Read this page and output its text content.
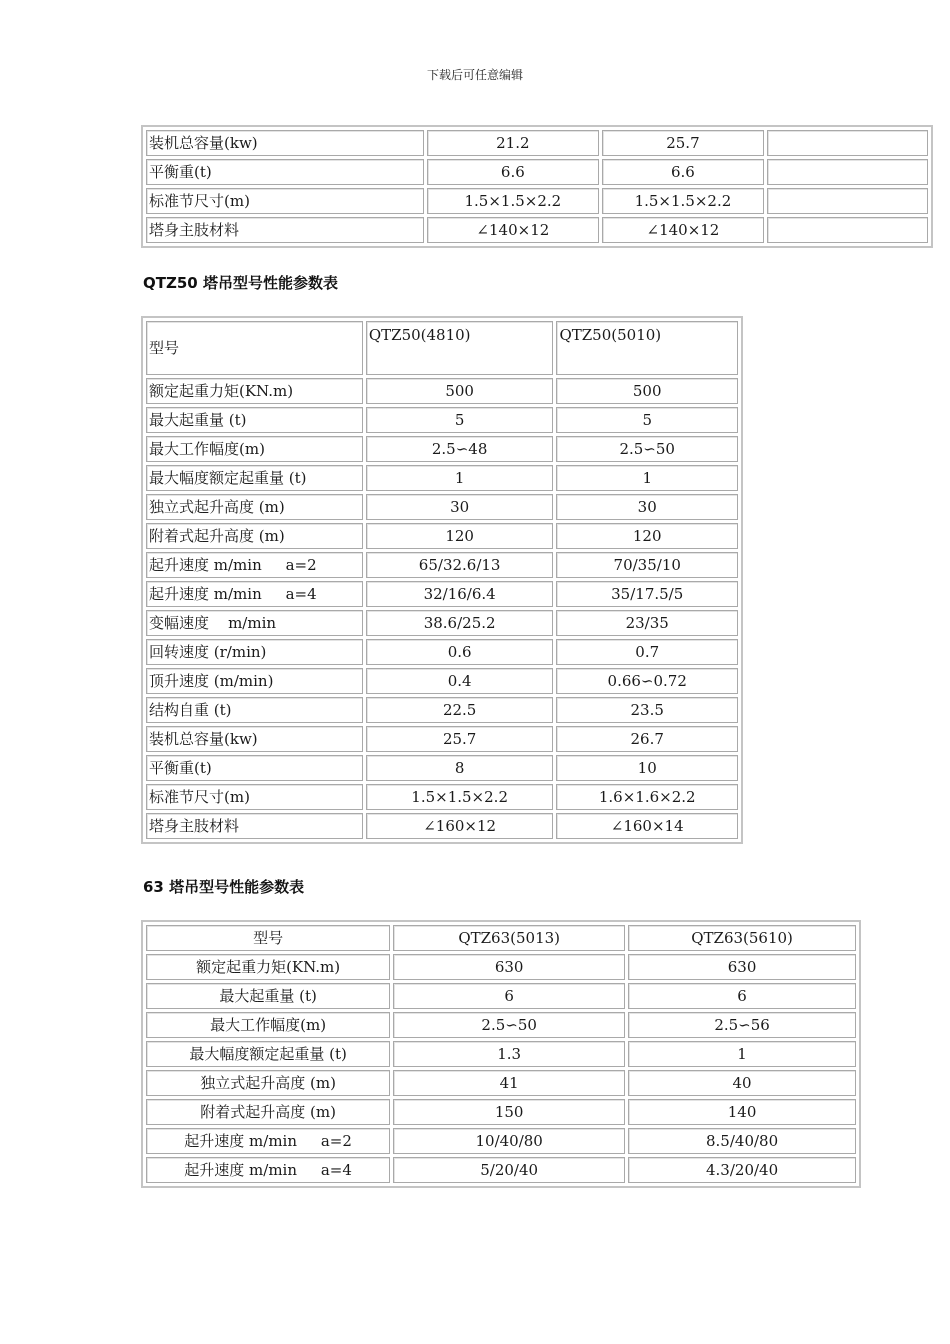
下载后可任意编辑
装机总容量(kw)	21.2	25.7	
平衡重(t)	6.6	6.6	
标准节尺寸(m)	1.5×1.5×2.2	1.5×1.5×2.2	
塔身主肢材料	∠140×12	∠140×12	
QTZ50 塔吊型号性能参数表
型号	QTZ50(4810)	QTZ50(5010)
额定起重力矩(KN.m)	500	500
最大起重量 (t)	5	5
最大工作幅度(m)	2.5∽48	2.5∽50
最大幅度额定起重量 (t)	1	1
独立式起升高度 (m)	30	30
附着式起升高度 (m)	120	120
起升速度 m/min     a=2	65/32.6/13	70/35/10
起升速度 m/min     a=4	32/16/6.4	35/17.5/5
变幅速度    m/min	38.6/25.2	23/35
回转速度 (r/min)	0.6	0.7
顶升速度 (m/min)	0.4	0.66∽0.72
结构自重 (t)	22.5	23.5
装机总容量(kw)	25.7	26.7
平衡重(t)	8	10
标准节尺寸(m)	1.5×1.5×2.2	1.6×1.6×2.2
塔身主肢材料	∠160×12	∠160×14
63 塔吊型号性能参数表
型号	QTZ63(5013)	QTZ63(5610)
额定起重力矩(KN.m)	630	630
最大起重量 (t)	6	6
最大工作幅度(m)	2.5∽50	2.5∽56
最大幅度额定起重量 (t)	1.3	1
独立式起升高度 (m)	41	40
附着式起升高度 (m)	150	140
起升速度 m/min     a=2	10/40/80	8.5/40/80
起升速度 m/min     a=4	5/20/40	4.3/20/40
